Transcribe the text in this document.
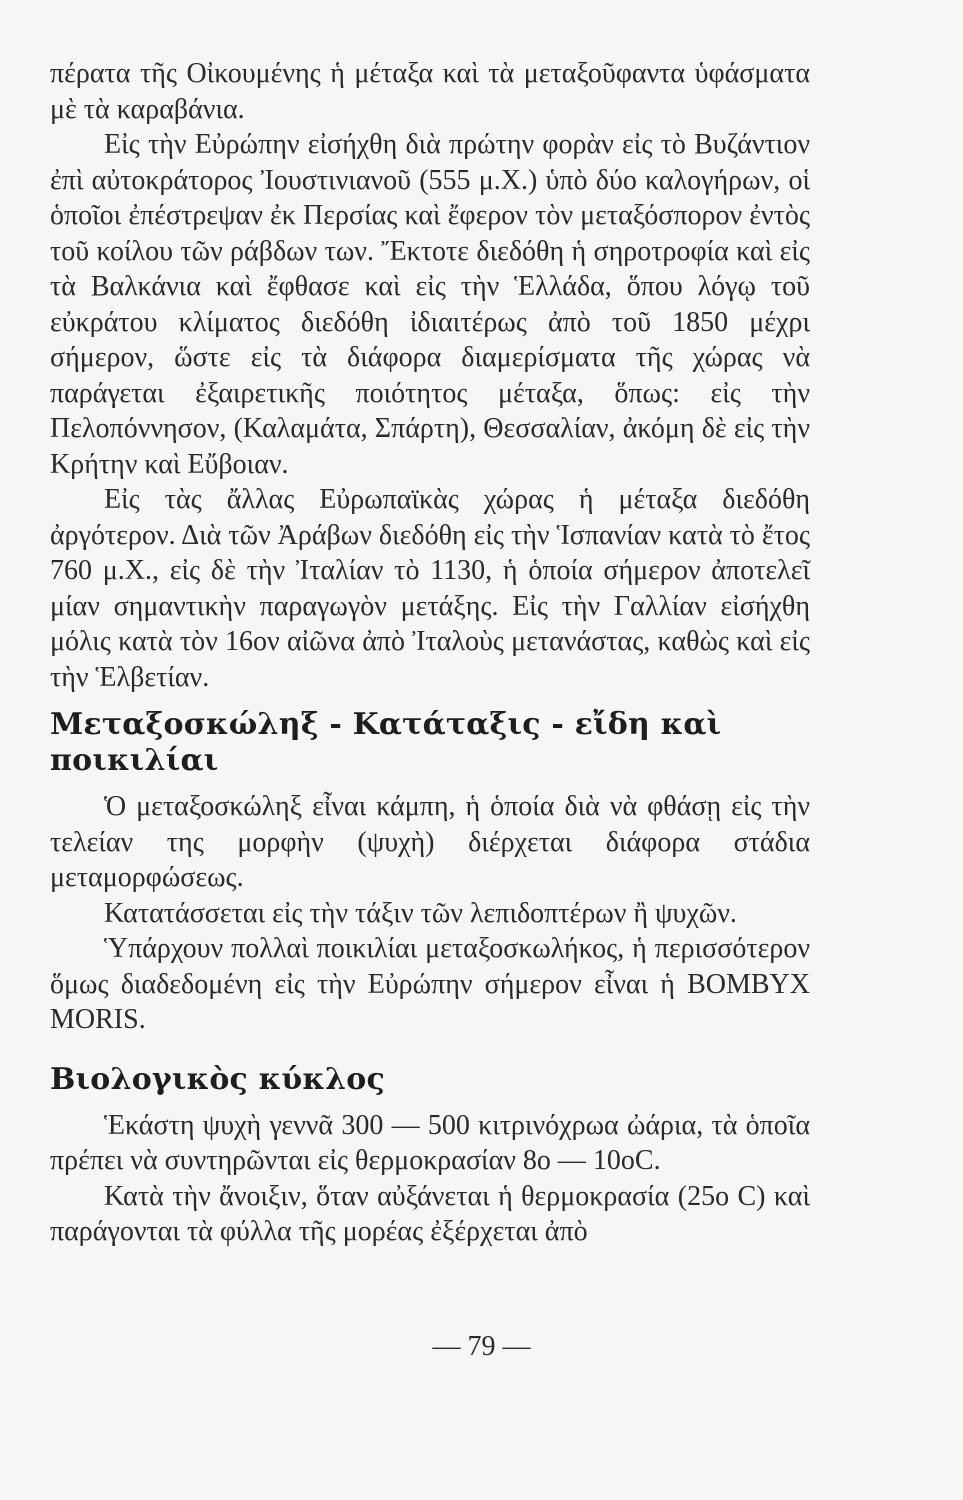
πέρατα τῆς Οἰκουμένης ἡ μέταξα καὶ τὰ μεταξοῦφαντα ὑφάσματα μὲ τὰ καραβάνια.

Εἰς τὴν Εὐρώπην εἰσήχθη διὰ πρώτην φορὰν εἰς τὸ Βυζάντιον ἐπὶ αὐτοκράτορος Ἰουστινιανοῦ (555 μ.Χ.) ὑπὸ δύο καλογήρων, οἱ ὁποῖοι ἐπέστρεψαν ἐκ Περσίας καὶ ἔφερον τὸν μεταξόσπορον ἐντὸς τοῦ κοίλου τῶν ράβδων των. Ἔκτοτε διεδόθη ἡ σηροτροφία καὶ εἰς τὰ Βαλκάνια καὶ ἔφθασε καὶ εἰς τὴν Ἑλλάδα, ὅπου λόγῳ τοῦ εὐκράτου κλίματος διεδόθη ἰδιαιτέρως ἀπὸ τοῦ 1850 μέχρι σήμερον, ὥστε εἰς τὰ διάφορα διαμερίσματα τῆς χώρας νὰ παράγεται ἐξαιρετικῆς ποιότητος μέταξα, ὅπως: εἰς τὴν Πελοπόννησον, (Καλαμάτα, Σπάρτη), Θεσσαλίαν, ἀκόμη δὲ εἰς τὴν Κρήτην καὶ Εὔβοιαν.

Εἰς τὰς ἄλλας Εὐρωπαϊκὰς χώρας ἡ μέταξα διεδόθη ἀργότερον. Διὰ τῶν Ἀράβων διεδόθη εἰς τὴν Ἱσπανίαν κατὰ τὸ ἔτος 760 μ.Χ., εἰς δὲ τὴν Ἰταλίαν τὸ 1130, ἡ ὁποία σήμερον ἀποτελεῖ μίαν σημαντικὴν παραγωγὸν μετάξης. Εἰς τὴν Γαλλίαν εἰσήχθη μόλις κατὰ τὸν 16ον αἰῶνα ἀπὸ Ἰταλοὺς μετανάστας, καθὼς καὶ εἰς τὴν Ἑλβετίαν.

Μεταξοσκώληξ - Κατάταξις - εἴδη καὶ ποικιλίαι

Ὁ μεταξοσκώληξ εἶναι κάμπη, ἡ ὁποία διὰ νὰ φθάσῃ εἰς τὴν τελείαν της μορφὴν (ψυχὴ) διέρχεται διάφορα στάδια μεταμορφώσεως.

Κατατάσσεται εἰς τὴν τάξιν τῶν λεπιδοπτέρων ἢ ψυχῶν.

Ὑπάρχουν πολλαὶ ποικιλίαι μεταξοσκωλήκος, ἡ περισσότερον ὅμως διαδεδομένη εἰς τὴν Εὐρώπην σήμερον εἶναι ἡ BOMBYX MORIS.

Βιολογικὸς κύκλος

Ἑκάστη ψυχὴ γεννᾶ 300 — 500 κιτρινόχρωα ὠάρια, τὰ ὁποῖα πρέπει νὰ συντηρῶνται εἰς θερμοκρασίαν 8ο — 10oC.

Κατὰ τὴν ἄνοιξιν, ὅταν αὐξάνεται ἡ θερμοκρασία (25ο C) καὶ παράγονται τὰ φύλλα τῆς μορέας ἐξέρχεται ἀπὸ

— 79 —
